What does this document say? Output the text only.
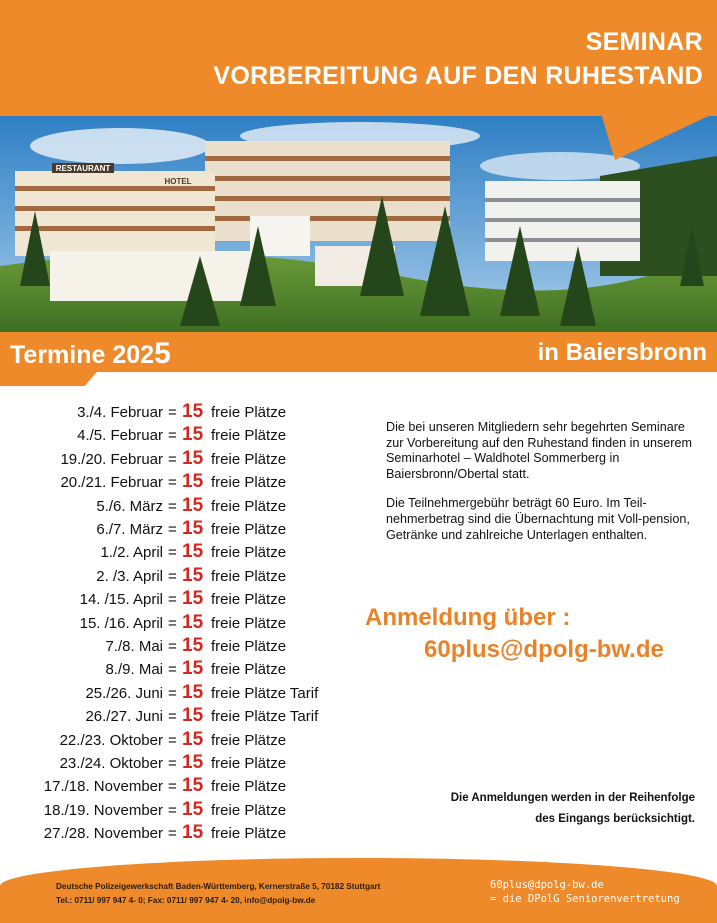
SEMINAR
VORBEREITUNG AUF DEN RUHESTAND
RESTAURANT
HOTEL
Termine 2025	in Baiersbronn
3./4. Februar = 15 freie Plätze
4./5. Februar = 15 freie Plätze
19./20. Februar = 15 freie Plätze
20./21. Februar = 15 freie Plätze
5./6. März = 15 freie Plätze
6./7. März = 15 freie Plätze
1./2. April = 15 freie Plätze
2. /3. April = 15 freie Plätze
14. /15. April = 15 freie Plätze
15. /16. April = 15 freie Plätze
7./8. Mai = 15 freie Plätze
8./9. Mai = 15 freie Plätze
25./26. Juni = 15 freie Plätze Tarif
26./27. Juni = 15 freie Plätze Tarif
22./23. Oktober = 15 freie Plätze
23./24. Oktober = 15 freie Plätze
17./18. November = 15 freie Plätze
18./19. November = 15 freie Plätze
27./28. November = 15 freie Plätze

Die bei unseren Mitgliedern sehr begehrten Seminare zur Vorbereitung auf den Ruhestand finden in unserem Seminarhotel – Waldhotel Sommerberg in Baiersbronn/Obertal statt.

Die Teilnehmergebühr beträgt 60 Euro. Im Teil-nehmerbetrag sind die Übernachtung mit Voll-pension, Getränke und zahlreiche Unterlagen enthalten.

Anmeldung über :
60plus@dpolg-bw.de
Die Anmeldungen werden in der Reihenfolge
des Eingangs berücksichtigt.
Deutsche Polizeigewerkschaft Baden-Württemberg, Kernerstraße 5, 70182 Stuttgart
Tel.: 0711/ 997 947 4- 0; Fax: 0711/ 997 947 4- 20, info@dpolg-bw.de
60plus@dpolg-bw.de
= die DPolG Seniorenvertretung
